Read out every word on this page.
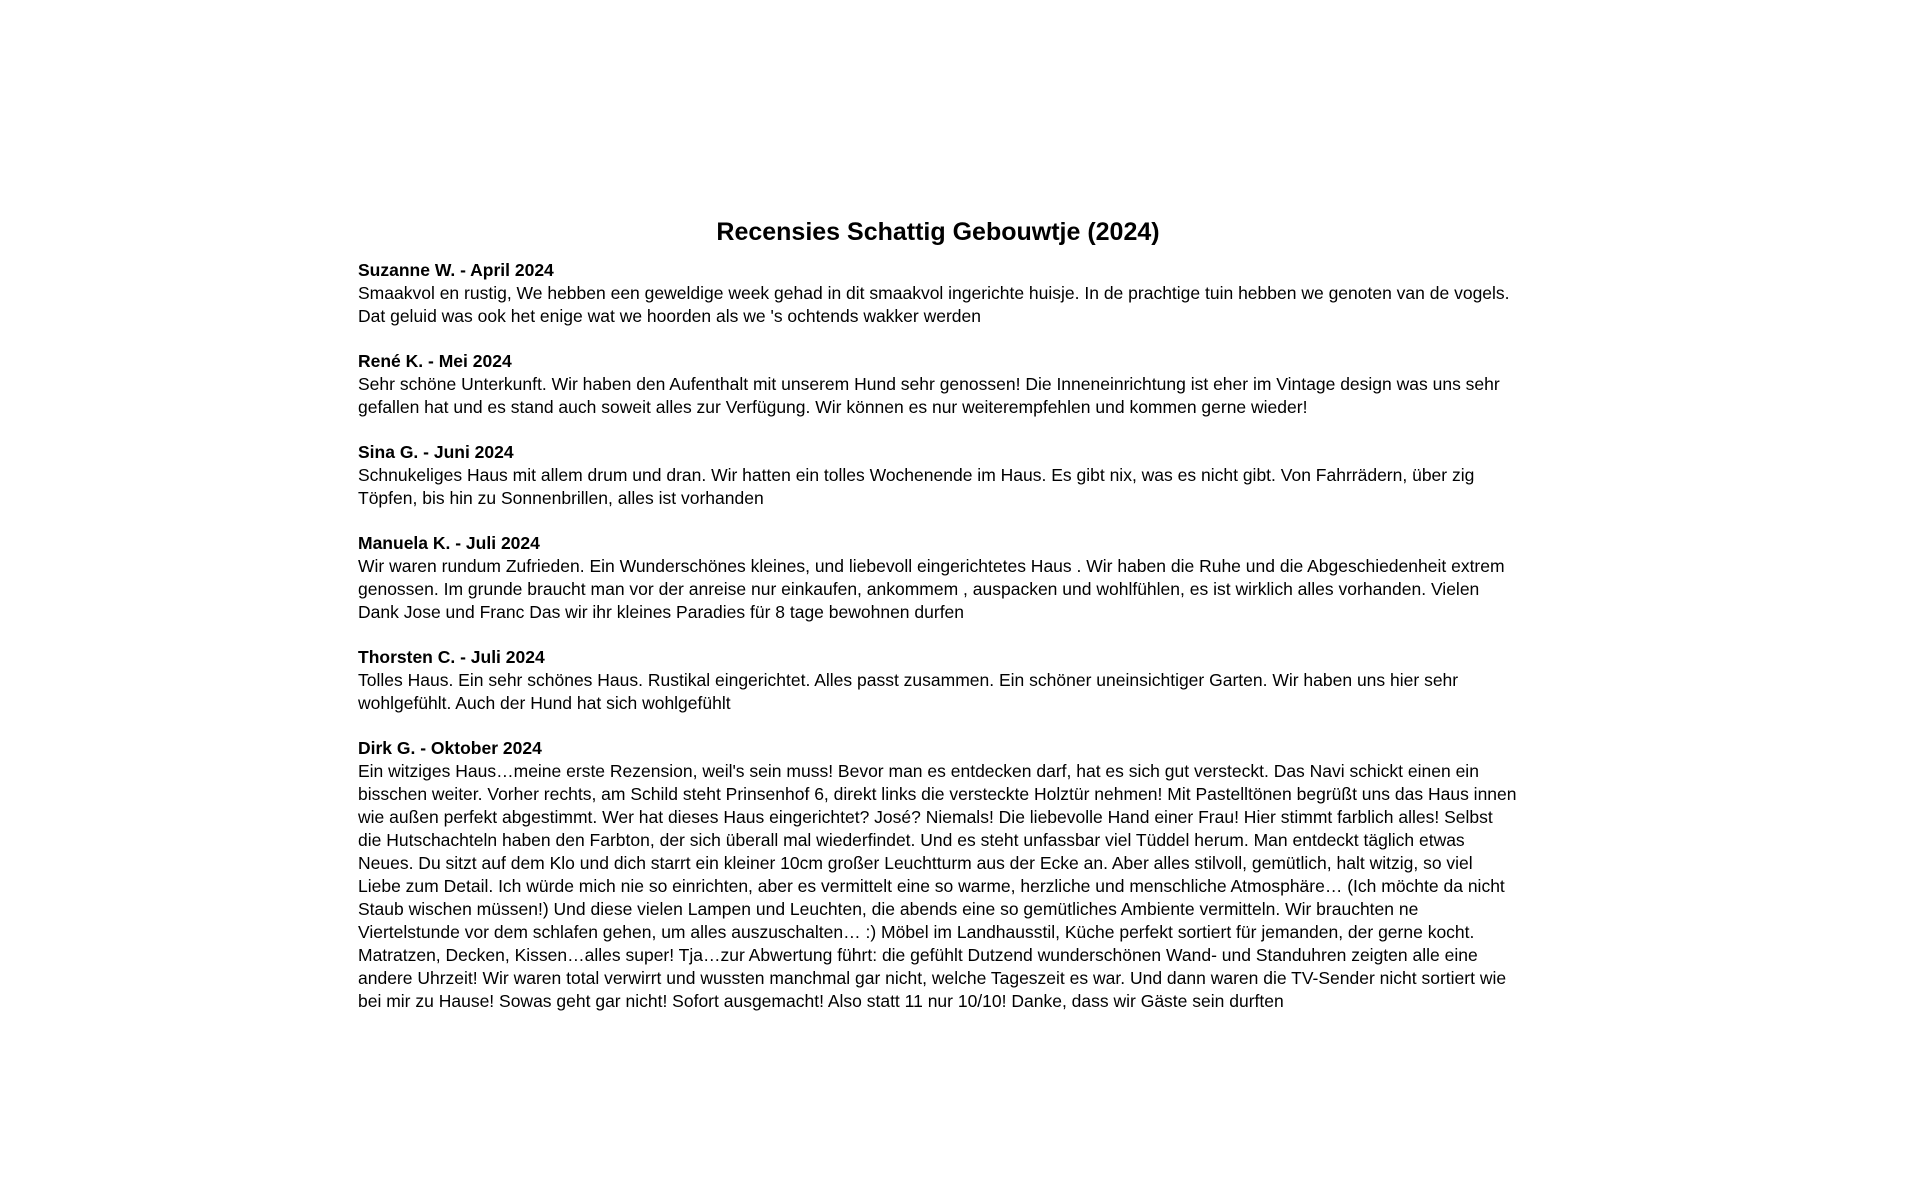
Recensies Schattig Gebouwtje (2024)
Suzanne W. - April 2024

Smaakvol en rustig, We hebben een geweldige week gehad in dit smaakvol ingerichte huisje. In de prachtige tuin hebben we genoten van de vogels. Dat geluid was ook het enige wat we hoorden als we 's ochtends wakker werden

René K. - Mei 2024

Sehr schöne Unterkunft. Wir haben den Aufenthalt mit unserem Hund sehr genossen! Die Inneneinrichtung ist eher im Vintage design was uns sehr gefallen hat und es stand auch soweit alles zur Verfügung. Wir können es nur weiterempfehlen und kommen gerne wieder!

Sina G. - Juni 2024

Schnukeliges Haus mit allem drum und dran. Wir hatten ein tolles Wochenende im Haus. Es gibt nix, was es nicht gibt. Von Fahrrädern, über zig Töpfen, bis hin zu Sonnenbrillen, alles ist vorhanden

Manuela K. - Juli 2024

Wir waren rundum Zufrieden. Ein Wunderschönes kleines, und liebevoll eingerichtetes Haus . Wir haben die Ruhe und die Abgeschiedenheit extrem genossen. Im grunde braucht man vor der anreise nur einkaufen, ankommem , auspacken und wohlfühlen, es ist wirklich alles vorhanden. Vielen Dank Jose und Franc Das wir ihr kleines Paradies für 8 tage bewohnen durfen

Thorsten C. - Juli 2024

Tolles Haus. Ein sehr schönes Haus. Rustikal eingerichtet. Alles passt zusammen. Ein schöner uneinsichtiger Garten. Wir haben uns hier sehr wohlgefühlt. Auch der Hund hat sich wohlgefühlt

Dirk G. - Oktober 2024

Ein witziges Haus…meine erste Rezension, weil's sein muss! Bevor man es entdecken darf, hat es sich gut versteckt. Das Navi schickt einen ein bisschen weiter. Vorher rechts, am Schild steht Prinsenhof 6, direkt links die versteckte Holztür nehmen! Mit Pastelltönen begrüßt uns das Haus innen wie außen perfekt abgestimmt. Wer hat dieses Haus eingerichtet? José? Niemals! Die liebevolle Hand einer Frau! Hier stimmt farblich alles! Selbst die Hutschachteln haben den Farbton, der sich überall mal wiederfindet. Und es steht unfassbar viel Tüddel herum. Man entdeckt täglich etwas Neues. Du sitzt auf dem Klo und dich starrt ein kleiner 10cm großer Leuchtturm aus der Ecke an. Aber alles stilvoll, gemütlich, halt witzig, so viel Liebe zum Detail. Ich würde mich nie so einrichten, aber es vermittelt eine so warme, herzliche und menschliche Atmosphäre… (Ich möchte da nicht Staub wischen müssen!) Und diese vielen Lampen und Leuchten, die abends eine so gemütliches Ambiente vermitteln. Wir brauchten ne Viertelstunde vor dem schlafen gehen, um alles auszuschalten… :) Möbel im Landhausstil, Küche perfekt sortiert für jemanden, der gerne kocht. Matratzen, Decken, Kissen…alles super! Tja…zur Abwertung führt: die gefühlt Dutzend wunderschönen Wand- und Standuhren zeigten alle eine andere Uhrzeit! Wir waren total verwirrt und wussten manchmal gar nicht, welche Tageszeit es war. Und dann waren die TV-Sender nicht sortiert wie bei mir zu Hause! Sowas geht gar nicht! Sofort ausgemacht! Also statt 11 nur 10/10! Danke, dass wir Gäste sein durften
